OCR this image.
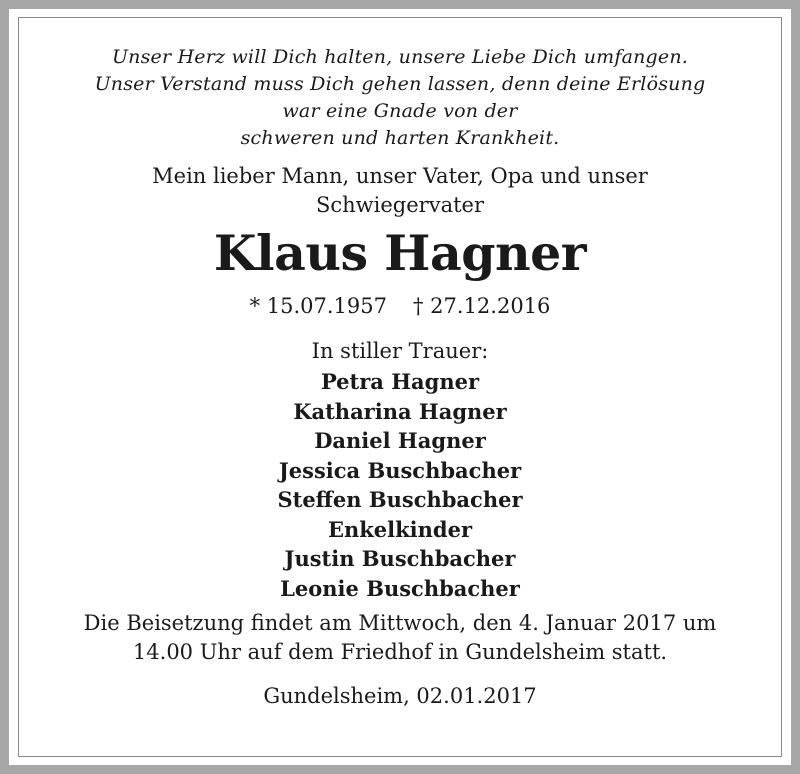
Unser Herz will Dich halten, unsere Liebe Dich umfangen.
Unser Verstand muss Dich gehen lassen, denn deine Erlösung
war eine Gnade von der
schweren und harten Krankheit.
Mein lieber Mann, unser Vater, Opa und unser
Schwiegervater
Klaus Hagner
* 15.07.1957 † 27.12.2016
In stiller Trauer:
Petra Hagner
Katharina Hagner
Daniel Hagner
Jessica Buschbacher
Steffen Buschbacher
Enkelkinder
Justin Buschbacher
Leonie Buschbacher
Die Beisetzung findet am Mittwoch, den 4. Januar 2017 um
14.00 Uhr auf dem Friedhof in Gundelsheim statt.
Gundelsheim, 02.01.2017
